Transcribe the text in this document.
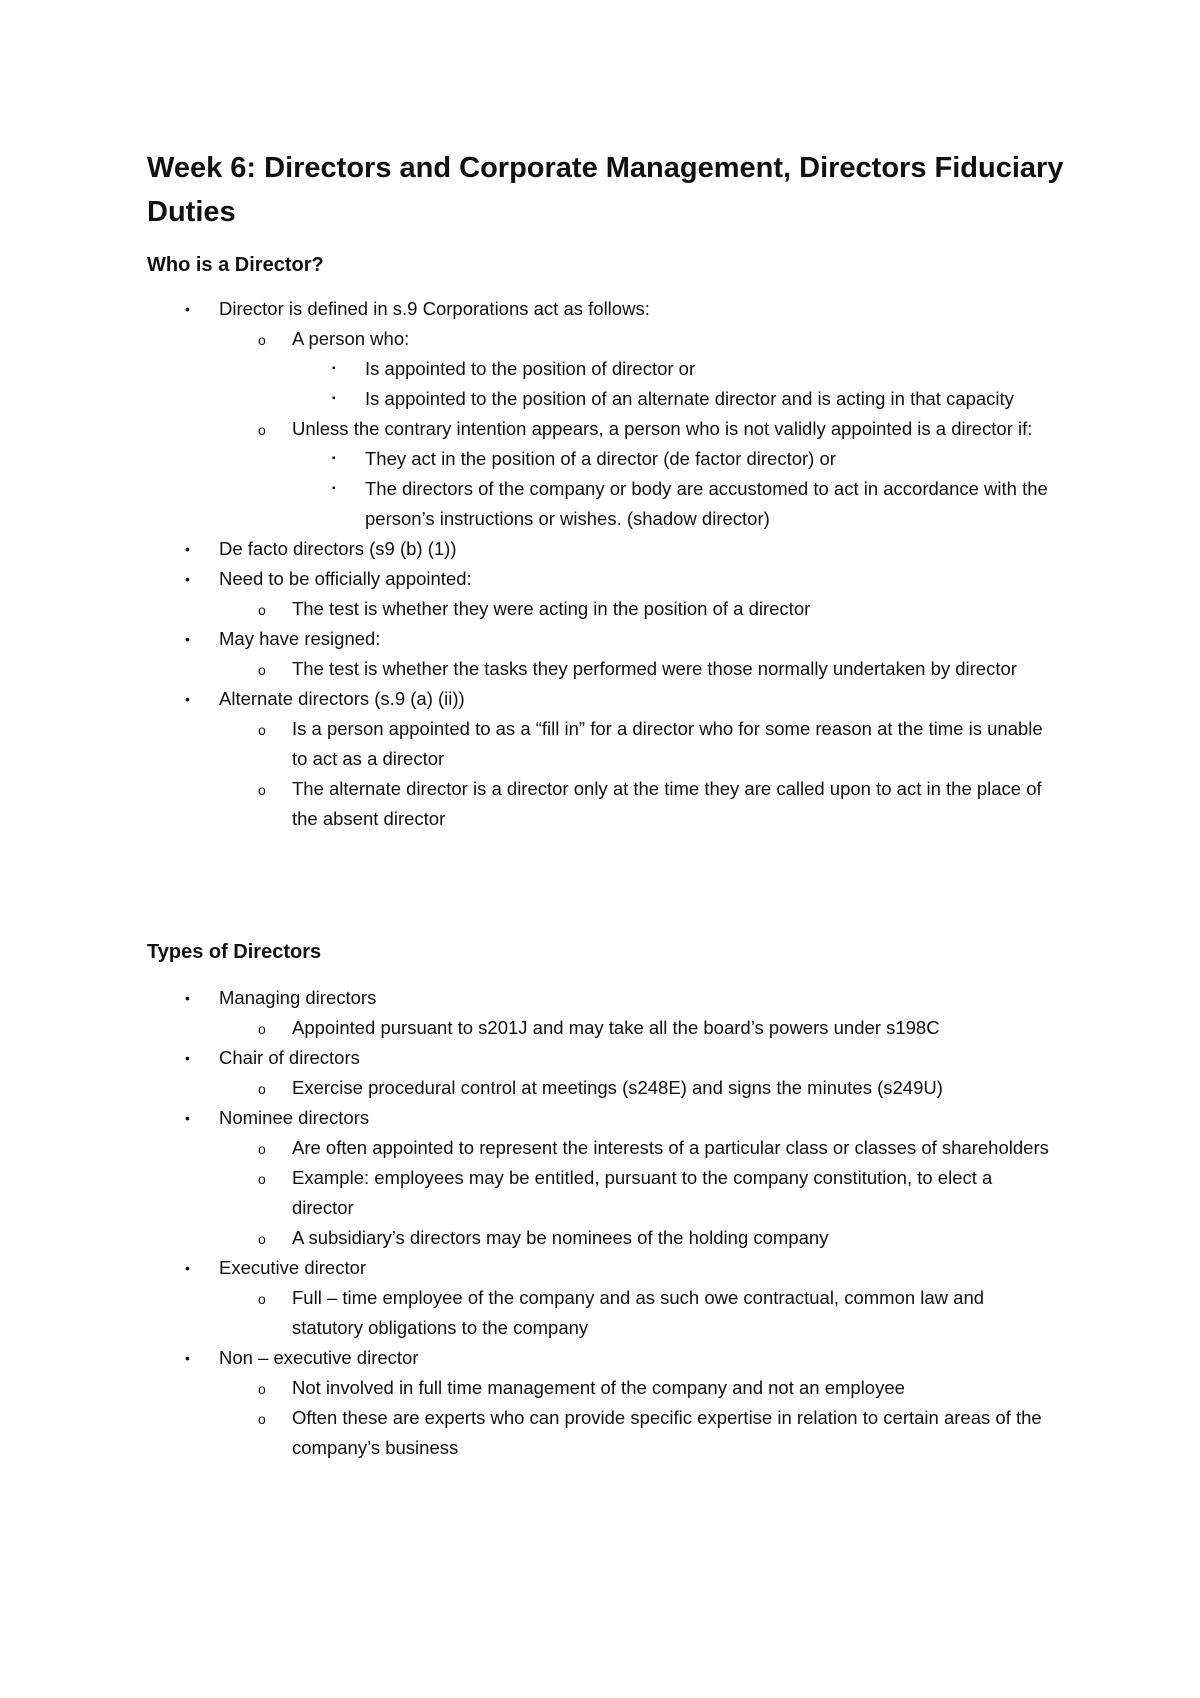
Week 6: Directors and Corporate Management, Directors Fiduciary Duties
Who is a Director?
• Director is defined in s.9 Corporations act as follows:
o A person who:
▪ Is appointed to the position of director or
▪ Is appointed to the position of an alternate director and is acting in that capacity
o Unless the contrary intention appears, a person who is not validly appointed is a director if:
▪ They act in the position of a director (de factor director) or
▪ The directors of the company or body are accustomed to act in accordance with the person’s instructions or wishes. (shadow director)
• De facto directors (s9 (b) (1))
• Need to be officially appointed:
o The test is whether they were acting in the position of a director
• May have resigned:
o The test is whether the tasks they performed were those normally undertaken by director
• Alternate directors (s.9 (a) (ii))
o Is a person appointed to as a “fill in” for a director who for some reason at the time is unable to act as a director
o The alternate director is a director only at the time they are called upon to act in the place of the absent director
Types of Directors
• Managing directors
o Appointed pursuant to s201J and may take all the board’s powers under s198C
• Chair of directors
o Exercise procedural control at meetings (s248E) and signs the minutes (s249U)
• Nominee directors
o Are often appointed to represent the interests of a particular class or classes of shareholders
o Example: employees may be entitled, pursuant to the company constitution, to elect a director
o A subsidiary’s directors may be nominees of the holding company
• Executive director
o Full – time employee of the company and as such owe contractual, common law and statutory obligations to the company
• Non – executive director
o Not involved in full time management of the company and not an employee
o Often these are experts who can provide specific expertise in relation to certain areas of the company’s business
